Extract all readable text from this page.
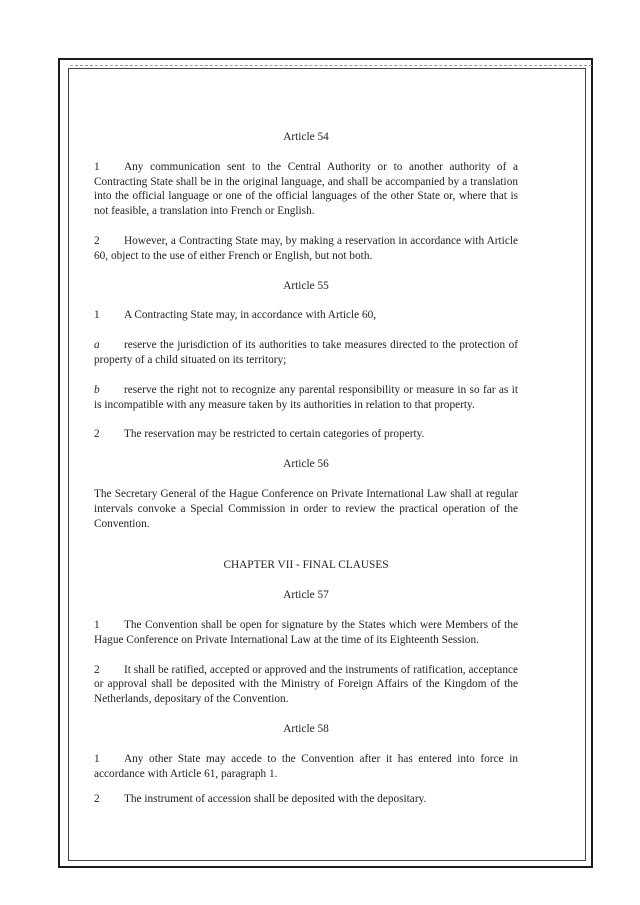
Article 54

1 Any communication sent to the Central Authority or to another authority of a Contracting State shall be in the original language, and shall be accompanied by a translation into the official language or one of the official languages of the other State or, where that is not feasible, a translation into French or English.

2 However, a Contracting State may, by making a reservation in accordance with Article 60, object to the use of either French or English, but not both.

Article 55

1 A Contracting State may, in accordance with Article 60,

a reserve the jurisdiction of its authorities to take measures directed to the protection of property of a child situated on its territory;

b reserve the right not to recognize any parental responsibility or measure in so far as it is incompatible with any measure taken by its authorities in relation to that property.

2 The reservation may be restricted to certain categories of property.

Article 56

The Secretary General of the Hague Conference on Private International Law shall at regular intervals convoke a Special Commission in order to review the practical operation of the Convention.

CHAPTER VII - FINAL CLAUSES

Article 57

1 The Convention shall be open for signature by the States which were Members of the Hague Conference on Private International Law at the time of its Eighteenth Session.

2 It shall be ratified, accepted or approved and the instruments of ratification, acceptance or approval shall be deposited with the Ministry of Foreign Affairs of the Kingdom of the Netherlands, depositary of the Convention.

Article 58

1 Any other State may accede to the Convention after it has entered into force in accordance with Article 61, paragraph 1.

2 The instrument of accession shall be deposited with the depositary.
